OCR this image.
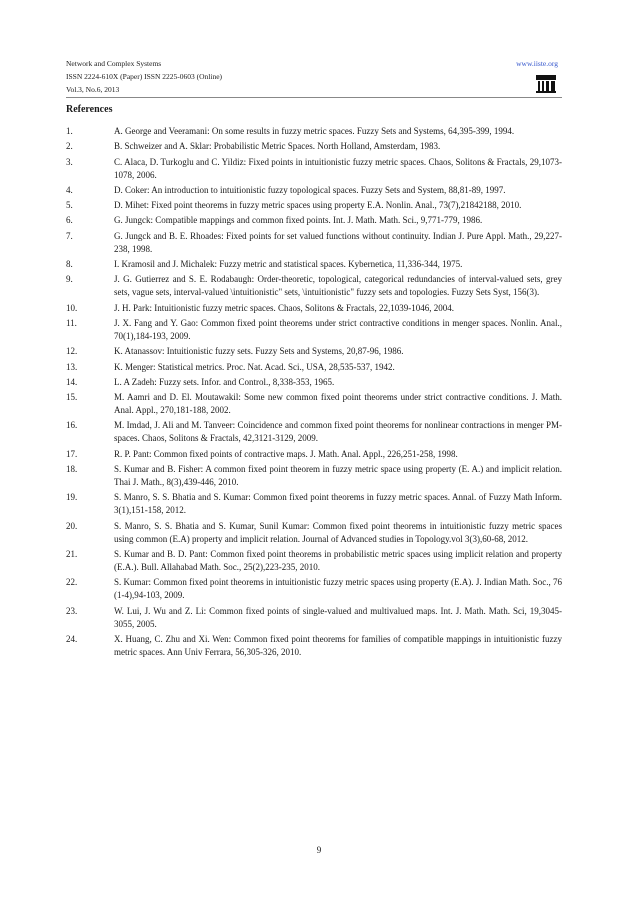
Network and Complex Systems
ISSN 2224-610X (Paper) ISSN 2225-0603 (Online)
Vol.3, No.6, 2013
www.iiste.org
References
1.	A. George and Veeramani: On some results in fuzzy metric spaces. Fuzzy Sets and Systems, 64,395-399, 1994.
2.	B. Schweizer and A. Sklar: Probabilistic Metric Spaces. North Holland, Amsterdam, 1983.
3.	C. Alaca, D. Turkoglu and C. Yildiz: Fixed points in intuitionistic fuzzy metric spaces. Chaos, Solitons & Fractals, 29,1073-1078, 2006.
4.	D. Coker: An introduction to intuitionistic fuzzy topological spaces. Fuzzy Sets and System, 88,81-89, 1997.
5.	D. Mihet: Fixed point theorems in fuzzy metric spaces using property E.A. Nonlin. Anal., 73(7),21842188, 2010.
6.	G. Jungck: Compatible mappings and common fixed points. Int. J. Math. Math. Sci., 9,771-779, 1986.
7.	G. Jungck and B. E. Rhoades: Fixed points for set valued functions without continuity. Indian J. Pure Appl. Math., 29,227-238, 1998.
8.	I. Kramosil and J. Michalek: Fuzzy metric and statistical spaces. Kybernetica, 11,336-344, 1975.
9.	J. G. Gutierrez and S. E. Rodabaugh: Order-theoretic, topological, categorical redundancies of interval-valued sets, grey sets, vague sets, interval-valued \intuitionistic" sets, \intuitionistic" fuzzy sets and topologies. Fuzzy Sets Syst, 156(3).
10.	J. H. Park: Intuitionistic fuzzy metric spaces. Chaos, Solitons & Fractals, 22,1039-1046, 2004.
11.	J. X. Fang and Y. Gao: Common fixed point theorems under strict contractive conditions in menger spaces. Nonlin. Anal., 70(1),184-193, 2009.
12.	K. Atanassov: Intuitionistic fuzzy sets. Fuzzy Sets and Systems, 20,87-96, 1986.
13.	K. Menger: Statistical metrics. Proc. Nat. Acad. Sci., USA, 28,535-537, 1942.
14.	L. A Zadeh: Fuzzy sets. Infor. and Control., 8,338-353, 1965.
15.	M. Aamri and D. El. Moutawakil: Some new common fixed point theorems under strict contractive conditions. J. Math. Anal. Appl., 270,181-188, 2002.
16.	M. Imdad, J. Ali and M. Tanveer: Coincidence and common fixed point theorems for nonlinear contractions in menger PM-spaces. Chaos, Solitons & Fractals, 42,3121-3129, 2009.
17.	R. P. Pant: Common fixed points of contractive maps. J. Math. Anal. Appl., 226,251-258, 1998.
18.	S. Kumar and B. Fisher: A common fixed point theorem in fuzzy metric space using property (E. A.) and implicit relation. Thai J. Math., 8(3),439-446, 2010.
19.	S. Manro, S. S. Bhatia and S. Kumar: Common fixed point theorems in fuzzy metric spaces. Annal. of Fuzzy Math Inform. 3(1),151-158, 2012.
20.	S. Manro, S. S. Bhatia and S. Kumar, Sunil Kumar: Common fixed point theorems in intuitionistic fuzzy metric spaces using common (E.A) property and implicit relation. Journal of Advanced studies in Topology.vol 3(3),60-68, 2012.
21.	S. Kumar and B. D. Pant: Common fixed point theorems in probabilistic metric spaces using implicit relation and property (E.A.). Bull. Allahabad Math. Soc., 25(2),223-235, 2010.
22.	S. Kumar: Common fixed point theorems in intuitionistic fuzzy metric spaces using property (E.A). J. Indian Math. Soc., 76 (1-4),94-103, 2009.
23.	W. Lui, J. Wu and Z. Li: Common fixed points of single-valued and multivalued maps. Int. J. Math. Math. Sci, 19,3045-3055, 2005.
24.	X. Huang, C. Zhu and Xi. Wen: Common fixed point theorems for families of compatible mappings in intuitionistic fuzzy metric spaces. Ann Univ Ferrara, 56,305-326, 2010.
9
